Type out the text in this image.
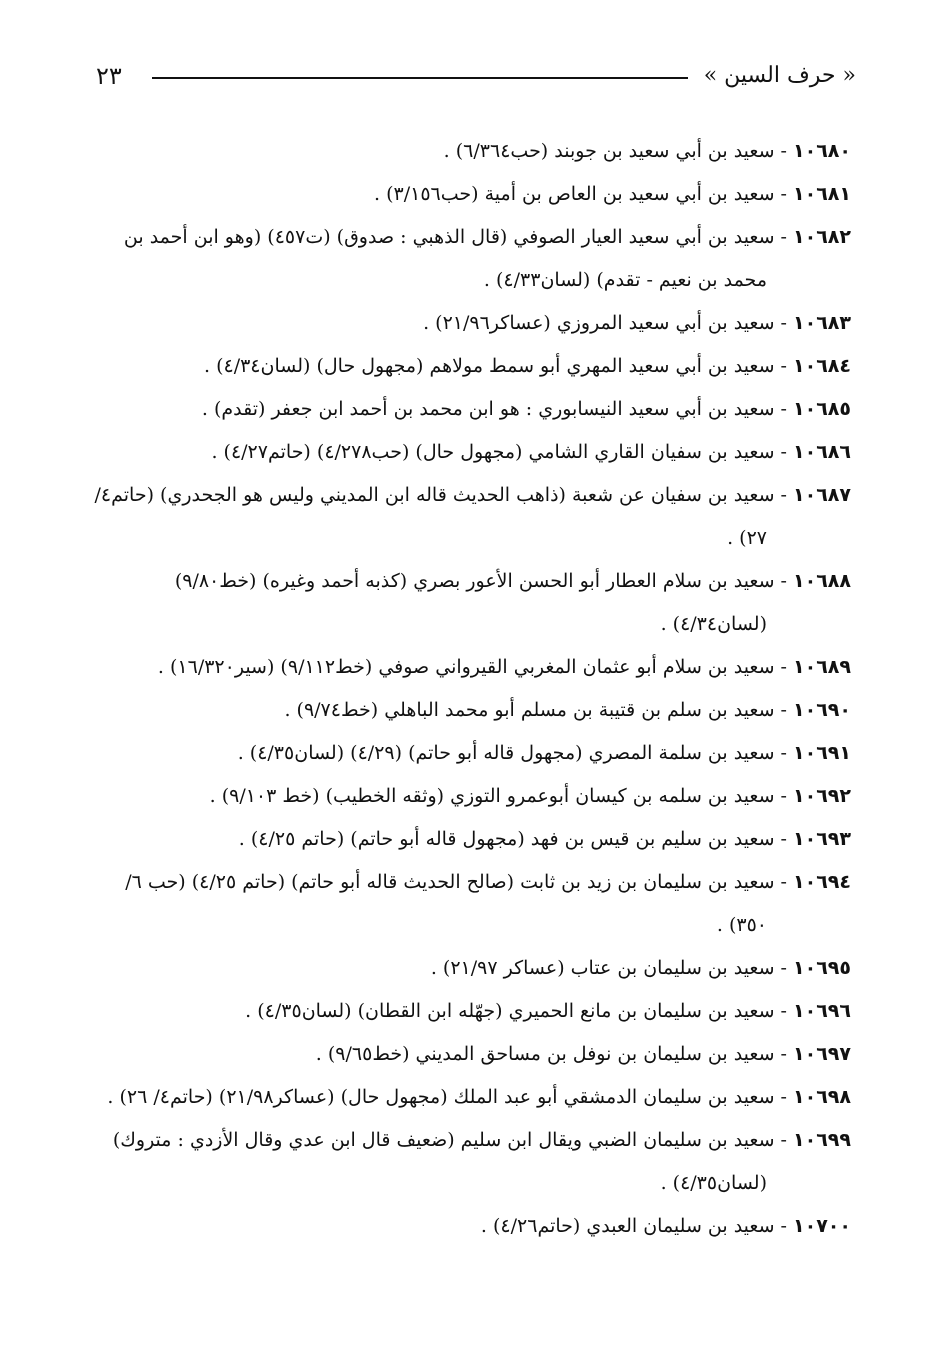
٢٣	« حرف السين »

١٠٦٨٠ - سعيد بن أبي سعيد بن جوبند (حب٦/٣٦٤) .

١٠٦٨١ - سعيد بن أبي سعيد بن العاص بن أمية (حب٣/١٥٦) .

١٠٦٨٢ - سعيد بن أبي سعيد العيار الصوفي (قال الذهبي : صدوق) (ت٤٥٧) (وهو ابن أحمد بن محمد بن نعيم - تقدم) (لسان٤/٣٣) .

١٠٦٨٣ - سعيد بن أبي سعيد المروزي (عساكر٢١/٩٦) .

١٠٦٨٤ - سعيد بن أبي سعيد المهري أبو سمط مولاهم (مجهول حال) (لسان٤/٣٤) .

١٠٦٨٥ - سعيد بن أبي سعيد النيسابوري : هو ابن محمد بن أحمد ابن جعفر (تقدم) .

١٠٦٨٦ - سعيد بن سفيان القاري الشامي (مجهول حال) (حب٤/٢٧٨) (حاتم٤/٢٧) .

١٠٦٨٧ - سعيد بن سفيان عن شعبة (ذاهب الحديث قاله ابن المديني وليس هو الجحدري) (حاتم٤/ ٢٧) .

١٠٦٨٨ - سعيد بن سلام العطار أبو الحسن الأعور بصري (كذبه أحمد وغيره) (خط٩/٨٠) (لسان٤/٣٤) .

١٠٦٨٩ - سعيد بن سلام أبو عثمان المغربي القيرواني صوفي (خط٩/١١٢) (سير١٦/٣٢٠) .

١٠٦٩٠ - سعيد بن سلم بن قتيبة بن مسلم أبو محمد الباهلي (خط٩/٧٤) .

١٠٦٩١ - سعيد بن سلمة المصري (مجهول قاله أبو حاتم) (٤/٢٩) (لسان٤/٣٥) .

١٠٦٩٢ - سعيد بن سلمه بن كيسان أبوعمرو التوزي (وثقه الخطيب) (خط ٩/١٠٣) .

١٠٦٩٣ - سعيد بن سليم بن قيس بن فهد (مجهول قاله أبو حاتم) (حاتم ٤/٢٥) .

١٠٦٩٤ - سعيد بن سليمان بن زيد بن ثابت (صالح الحديث قاله أبو حاتم) (حاتم ٤/٢٥) (حب ٦/ ٣٥٠) .

١٠٦٩٥ - سعيد بن سليمان بن عتاب (عساكر ٢١/٩٧) .

١٠٦٩٦ - سعيد بن سليمان بن مانع الحميري (جهّله ابن القطان) (لسان٤/٣٥) .

١٠٦٩٧ - سعيد بن سليمان بن نوفل بن مساحق المديني (خط٩/٦٥) .

١٠٦٩٨ - سعيد بن سليمان الدمشقي أبو عبد الملك (مجهول حال) (عساكر٢١/٩٨) (حاتم٤/ ٢٦) .

١٠٦٩٩ - سعيد بن سليمان الضبي ويقال ابن سليم (ضعيف قال ابن عدي وقال الأزدي : متروك) (لسان٤/٣٥) .

١٠٧٠٠ - سعيد بن سليمان العبدي (حاتم٤/٢٦) .
